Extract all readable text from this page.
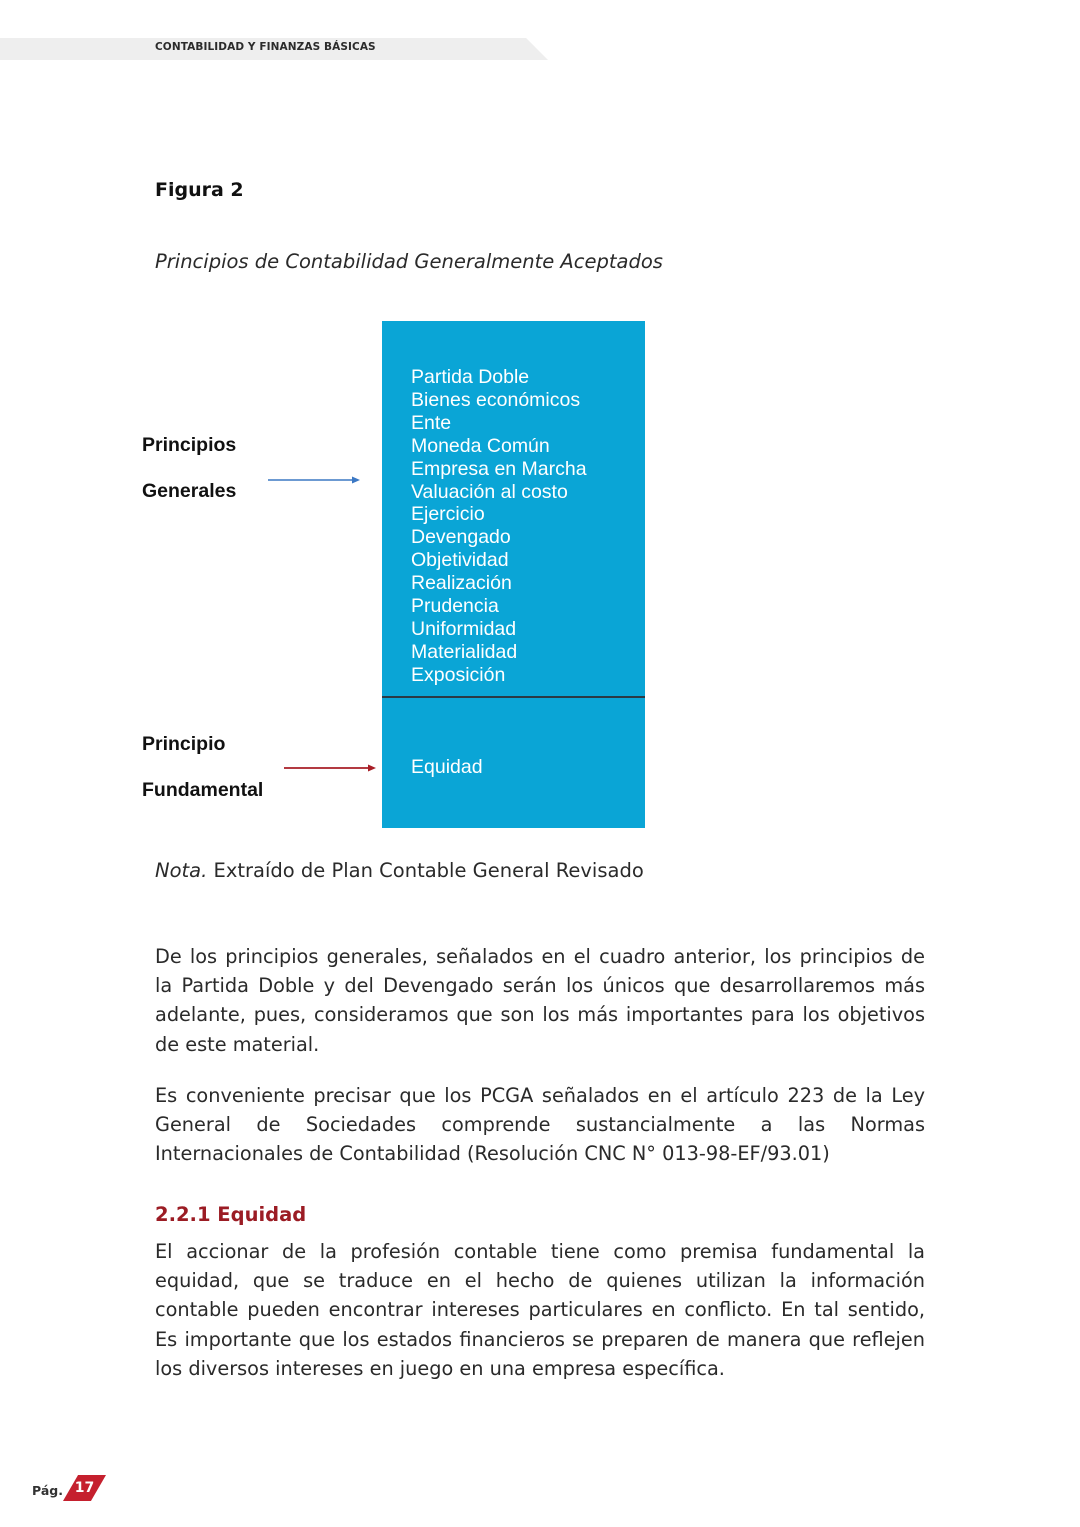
CONTABILIDAD Y FINANZAS BÁSICAS
Figura 2
Principios de Contabilidad Generalmente Aceptados
Principios
Generales
Principio
Fundamental
Partida Doble
Bienes económicos
Ente
Moneda Común
Empresa en Marcha
Valuación al costo
Ejercicio
Devengado
Objetividad
Realización
Prudencia
Uniformidad
Materialidad
Exposición
Equidad
Nota. Extraído de Plan Contable General Revisado

De los principios generales, señalados en el cuadro anterior, los principios de la Partida Doble y del Devengado serán los únicos que desarrollaremos más adelante, pues, consideramos que son los más importantes para los objetivos de este material.

Es conveniente precisar que los PCGA señalados en el artículo 223 de la Ley General de Sociedades comprende sustancialmente a las Normas Internacionales de Contabilidad (Resolución CNC N° 013-98-EF/93.01)

2.2.1 Equidad

El accionar de la profesión contable tiene como premisa fundamental la equidad, que se traduce en el hecho de quienes utilizan la información contable pueden encontrar intereses particulares en conflicto. En tal sentido, Es importante que los estados financieros se preparen de manera que reflejen los diversos intereses en juego en una empresa específica.

Pág. 17
